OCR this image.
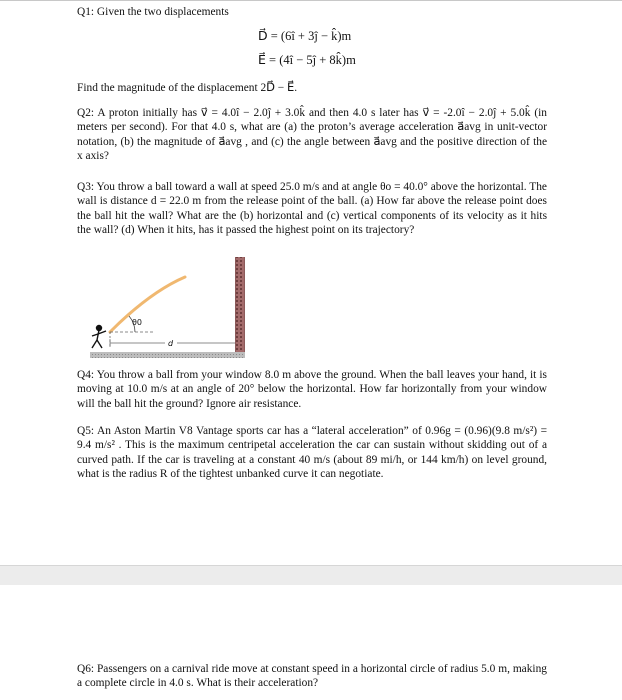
Q1: Given the two displacements
D⃗ = (6î + 3ĵ − k̂)m
E⃗ = (4î − 5ĵ + 8k̂)m
Find the magnitude of the displacement 2D⃗ − E⃗.
Q2: A proton initially has v⃗ = 4.0î − 2.0ĵ + 3.0k̂ and then 4.0 s later has v⃗ = -2.0î − 2.0ĵ + 5.0k̂ (in meters per second). For that 4.0 s, what are (a) the proton’s average acceleration a⃗avg in unit-vector notation, (b) the magnitude of a⃗avg , and (c) the angle between a⃗avg and the positive direction of the x axis?
Q3: You throw a ball toward a wall at speed 25.0 m/s and at angle θo = 40.0° above the horizontal. The wall is distance d = 22.0 m from the release point of the ball. (a) How far above the release point does the ball hit the wall? What are the (b) horizontal and (c) vertical components of its velocity as it hits the wall? (d) When it hits, has it passed the highest point on its trajectory?
θ0
d
Q4: You throw a ball from your window 8.0 m above the ground. When the ball leaves your hand, it is moving at 10.0 m/s at an angle of 20° below the horizontal. How far horizontally from your window will the ball hit the ground? Ignore air resistance.
Q5: An Aston Martin V8 Vantage sports car has a “lateral acceleration” of 0.96g = (0.96)(9.8 m/s²) = 9.4 m/s² . This is the maximum centripetal acceleration the car can sustain without skidding out of a curved path. If the car is traveling at a constant 40 m/s (about 89 mi/h, or 144 km/h) on level ground, what is the radius R of the tightest unbanked curve it can negotiate.
Q6: Passengers on a carnival ride move at constant speed in a horizontal circle of radius 5.0 m, making a complete circle in 4.0 s. What is their acceleration?
